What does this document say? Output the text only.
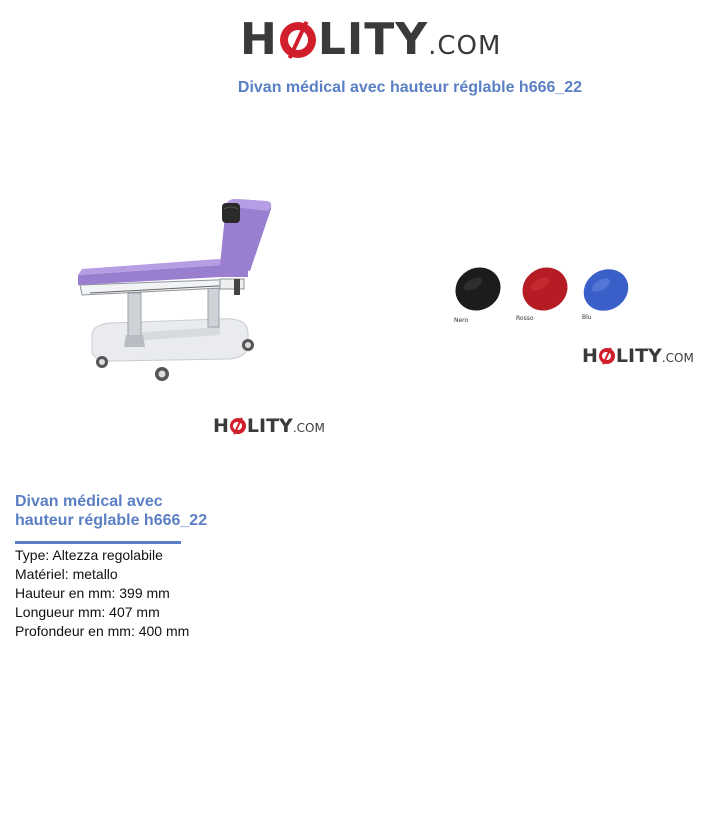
H LITY .COM
Divan médical avec hauteur réglable h666_22
H LITY .COM
Nero	Rosso	Blu
H LITY .COM
Divan médical avec
hauteur réglable h666_22
Type: Altezza regolabile
Matériel: metallo
Hauteur en mm: 399 mm
Longueur mm: 407 mm
Profondeur en mm: 400 mm
